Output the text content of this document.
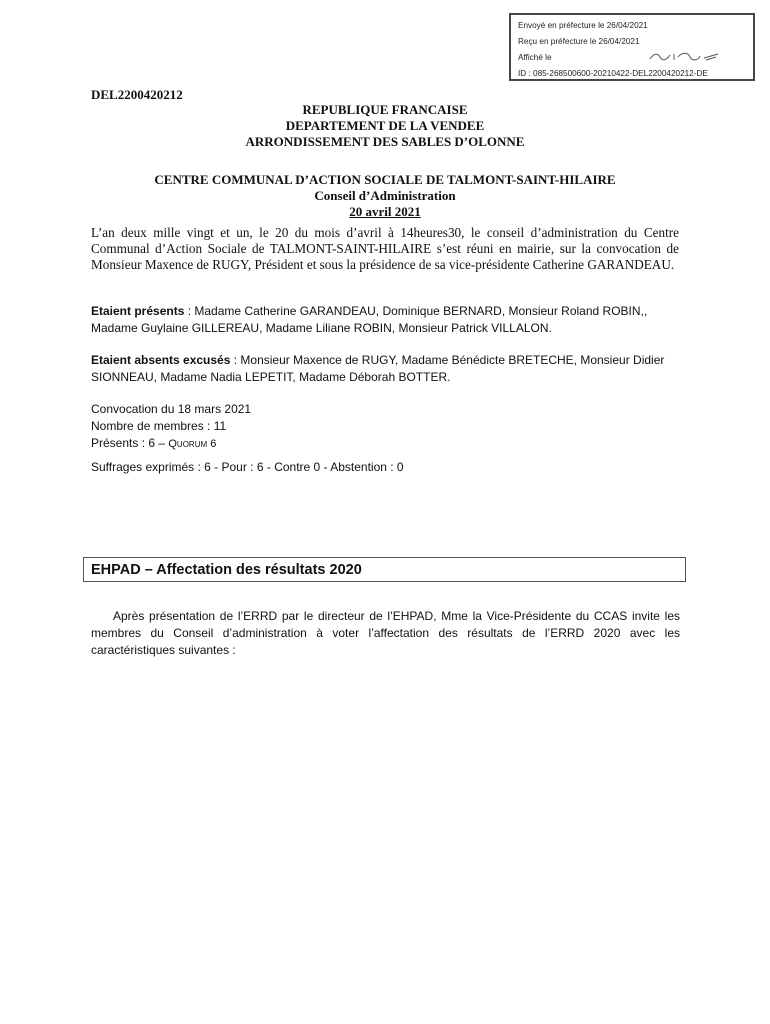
Envoyé en préfecture le 26/04/2021
Reçu en préfecture le 26/04/2021
Affiché le
ID : 085-268500600-20210422-DEL2200420212-DE
DEL2200420212
REPUBLIQUE FRANCAISE
DEPARTEMENT DE LA VENDEE
ARRONDISSEMENT DES SABLES D’OLONNE
CENTRE COMMUNAL D’ACTION SOCIALE DE TALMONT-SAINT-HILAIRE
Conseil d’Administration
20 avril 2021
L’an deux mille vingt et un, le 20 du mois d’avril à 14heures30, le conseil d’administration du Centre Communal d’Action Sociale de TALMONT-SAINT-HILAIRE s’est réuni en mairie, sur la convocation de Monsieur Maxence de RUGY, Président et sous la présidence de sa vice-présidente Catherine GARANDEAU.
Etaient présents : Madame Catherine GARANDEAU, Dominique BERNARD, Monsieur Roland ROBIN,, Madame Guylaine GILLEREAU, Madame Liliane ROBIN, Monsieur Patrick VILLALON.
Etaient absents excusés : Monsieur Maxence de RUGY, Madame Bénédicte BRETECHE, Monsieur Didier SIONNEAU, Madame Nadia LEPETIT, Madame Déborah BOTTER.
Convocation du 18 mars 2021
Nombre de membres : 11
Présents : 6 – Quorum 6
Suffrages exprimés : 6 - Pour : 6 - Contre 0 - Abstention : 0
EHPAD – Affectation des résultats 2020
Après présentation de l’ERRD par le directeur de l’EHPAD, Mme la Vice-Présidente du CCAS invite les membres du Conseil d’administration à voter l’affectation des résultats de l’ERRD 2020 avec les caractéristiques suivantes :
